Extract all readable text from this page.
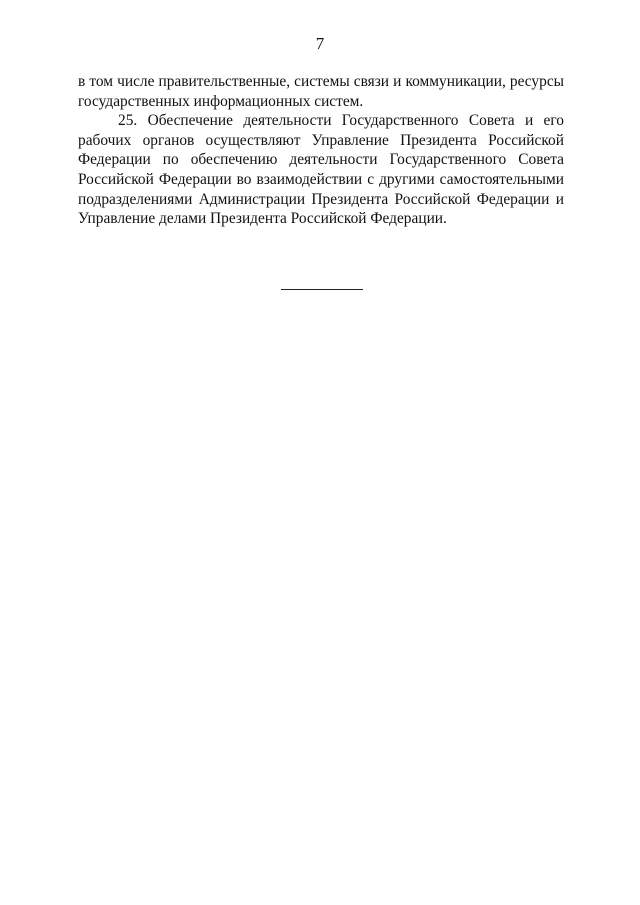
7

в том числе правительственные, системы связи и коммуникации, ресурсы государственных информационных систем.

25. Обеспечение деятельности Государственного Совета и его рабочих органов осуществляют Управление Президента Российской Федерации по обеспечению деятельности Государственного Совета Российской Федерации во взаимодействии с другими самостоятельными подразделениями Администрации Президента Российской Федерации и Управление делами Президента Российской Федерации.
